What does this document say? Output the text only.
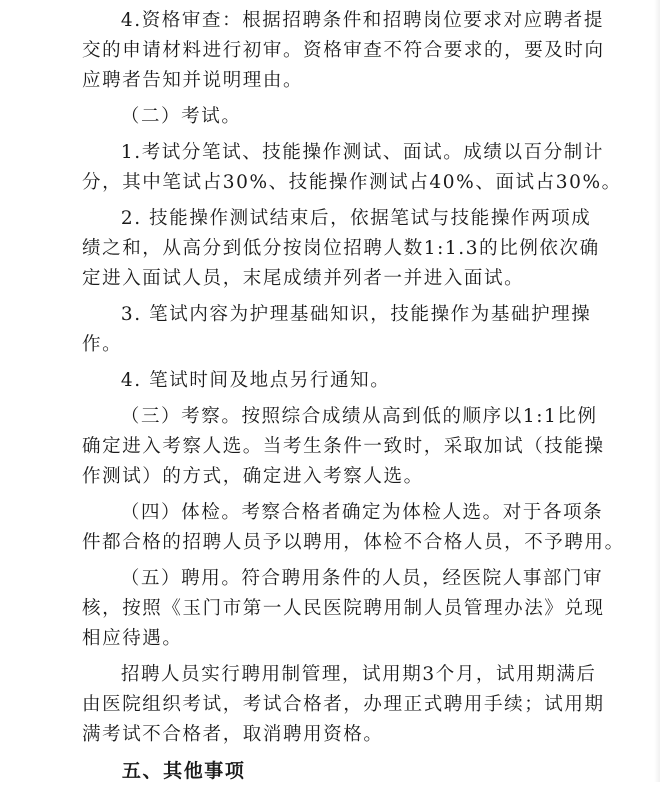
4.资格审查：根据招聘条件和招聘岗位要求对应聘者提
交的申请材料进行初审。资格审查不符合要求的，要及时向
应聘者告知并说明理由。
（二）考试。
1.考试分笔试、技能操作测试、面试。成绩以百分制计
分，其中笔试占30%、技能操作测试占40%、面试占30%。
2. 技能操作测试结束后，依据笔试与技能操作两项成
绩之和，从高分到低分按岗位招聘人数1:1.3的比例依次确
定进入面试人员，末尾成绩并列者一并进入面试。
3. 笔试内容为护理基础知识，技能操作为基础护理操
作。
4. 笔试时间及地点另行通知。
（三）考察。按照综合成绩从高到低的顺序以1:1比例
确定进入考察人选。当考生条件一致时，采取加试（技能操
作测试）的方式，确定进入考察人选。
（四）体检。考察合格者确定为体检人选。对于各项条
件都合格的招聘人员予以聘用，体检不合格人员，不予聘用。
（五）聘用。符合聘用条件的人员，经医院人事部门审
核，按照《玉门市第一人民医院聘用制人员管理办法》兑现
相应待遇。
招聘人员实行聘用制管理，试用期3个月，试用期满后
由医院组织考试，考试合格者，办理正式聘用手续；试用期
满考试不合格者，取消聘用资格。
五、其他事项
